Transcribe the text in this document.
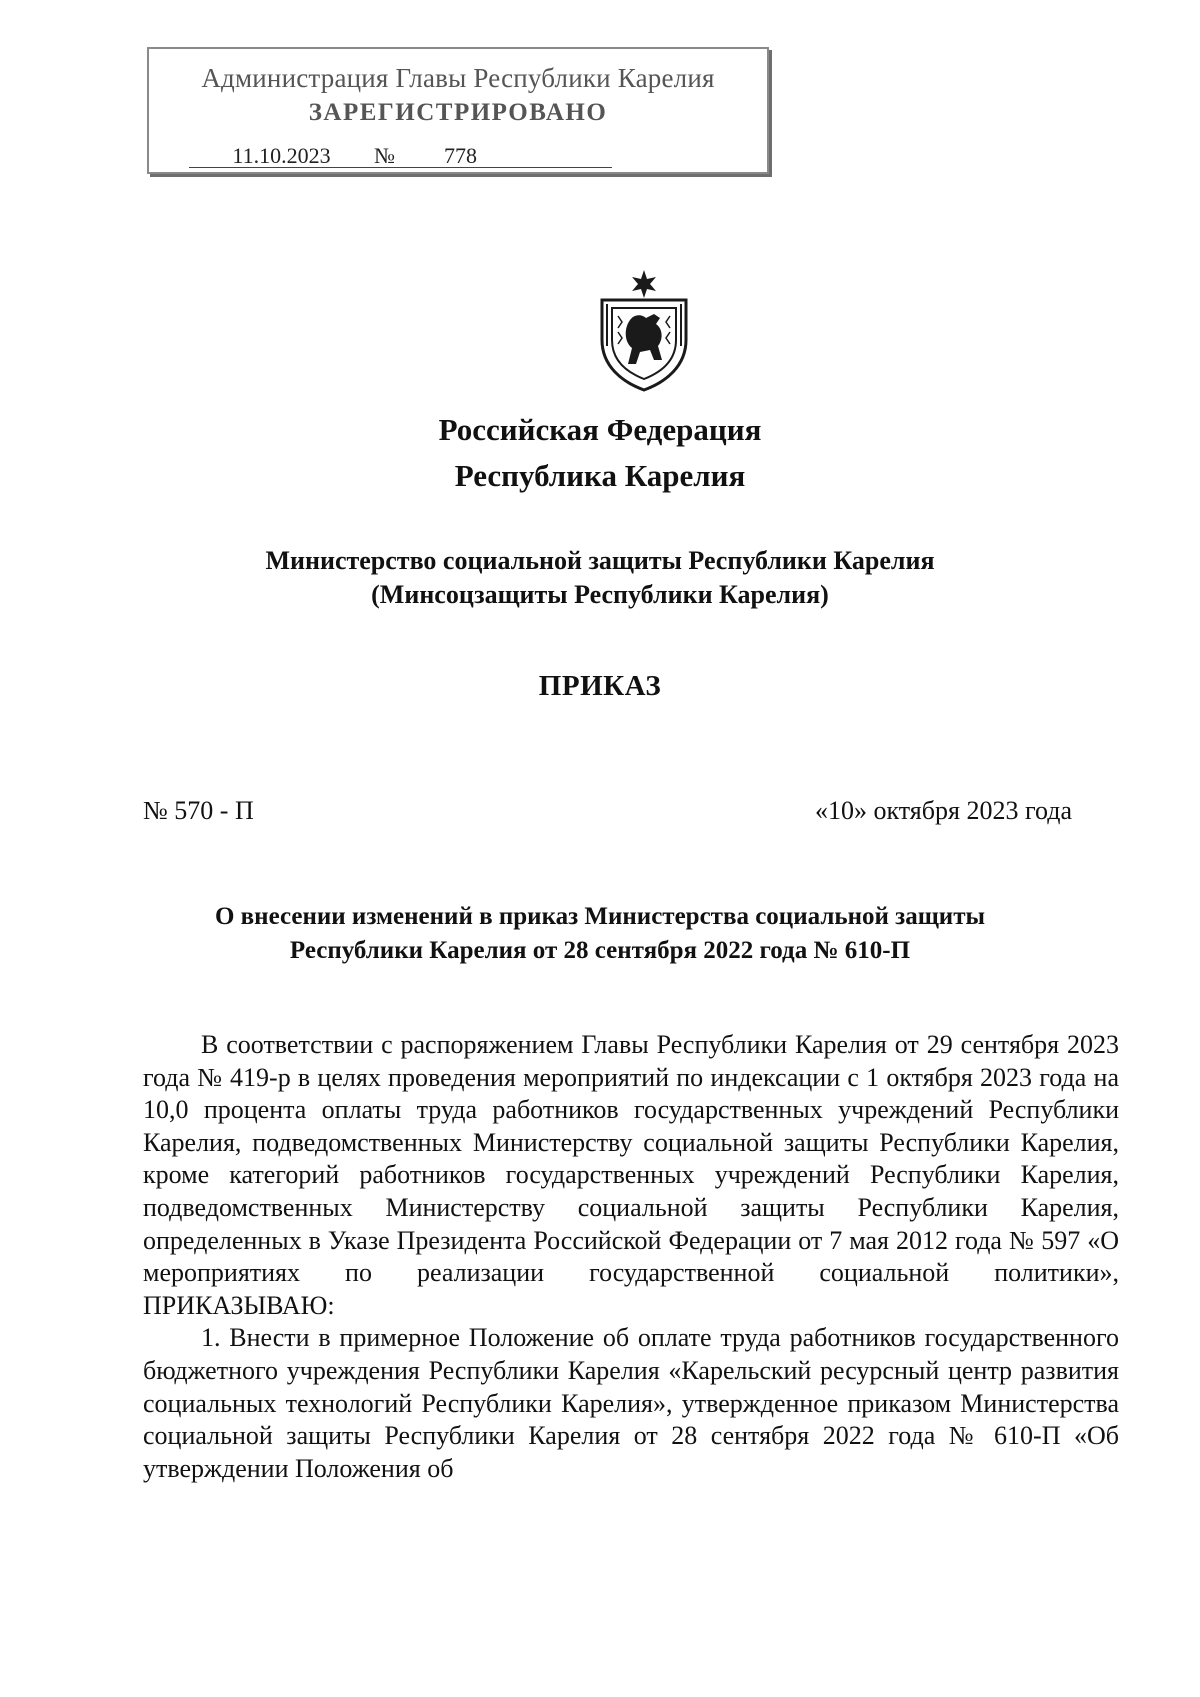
Администрация Главы Республики Карелия
ЗАРЕГИСТРИРОВАНО
11.10.2023 № 778
Российская Федерация
Республика Карелия
Министерство социальной защиты Республики Карелия
(Минсоцзащиты Республики Карелия)
ПРИКАЗ
№ 570 - П	«10» октября 2023 года
О внесении изменений в приказ Министерства социальной защиты
Республики Карелия от 28 сентября 2022 года № 610-П

В соответствии с распоряжением Главы Республики Карелия от 29 сентября 2023 года № 419-р в целях проведения мероприятий по индексации с 1 октября 2023 года на 10,0 процента оплаты труда работников государственных учреждений Республики Карелия, подведомственных Министерству социальной защиты Республики Карелия, кроме категорий работников государственных учреждений Республики Карелия, подведомственных Министерству социальной защиты Республики Карелия, определенных в Указе Президента Российской Федерации от 7 мая 2012 года № 597 «О мероприятиях по реализации государственной социальной политики», ПРИКАЗЫВАЮ:

1. Внести в примерное Положение об оплате труда работников государственного бюджетного учреждения Республики Карелия «Карельский ресурсный центр развития социальных технологий Республики Карелия», утвержденное приказом Министерства социальной защиты Республики Карелия от 28 сентября 2022 года № 610-П «Об утверждении Положения об
